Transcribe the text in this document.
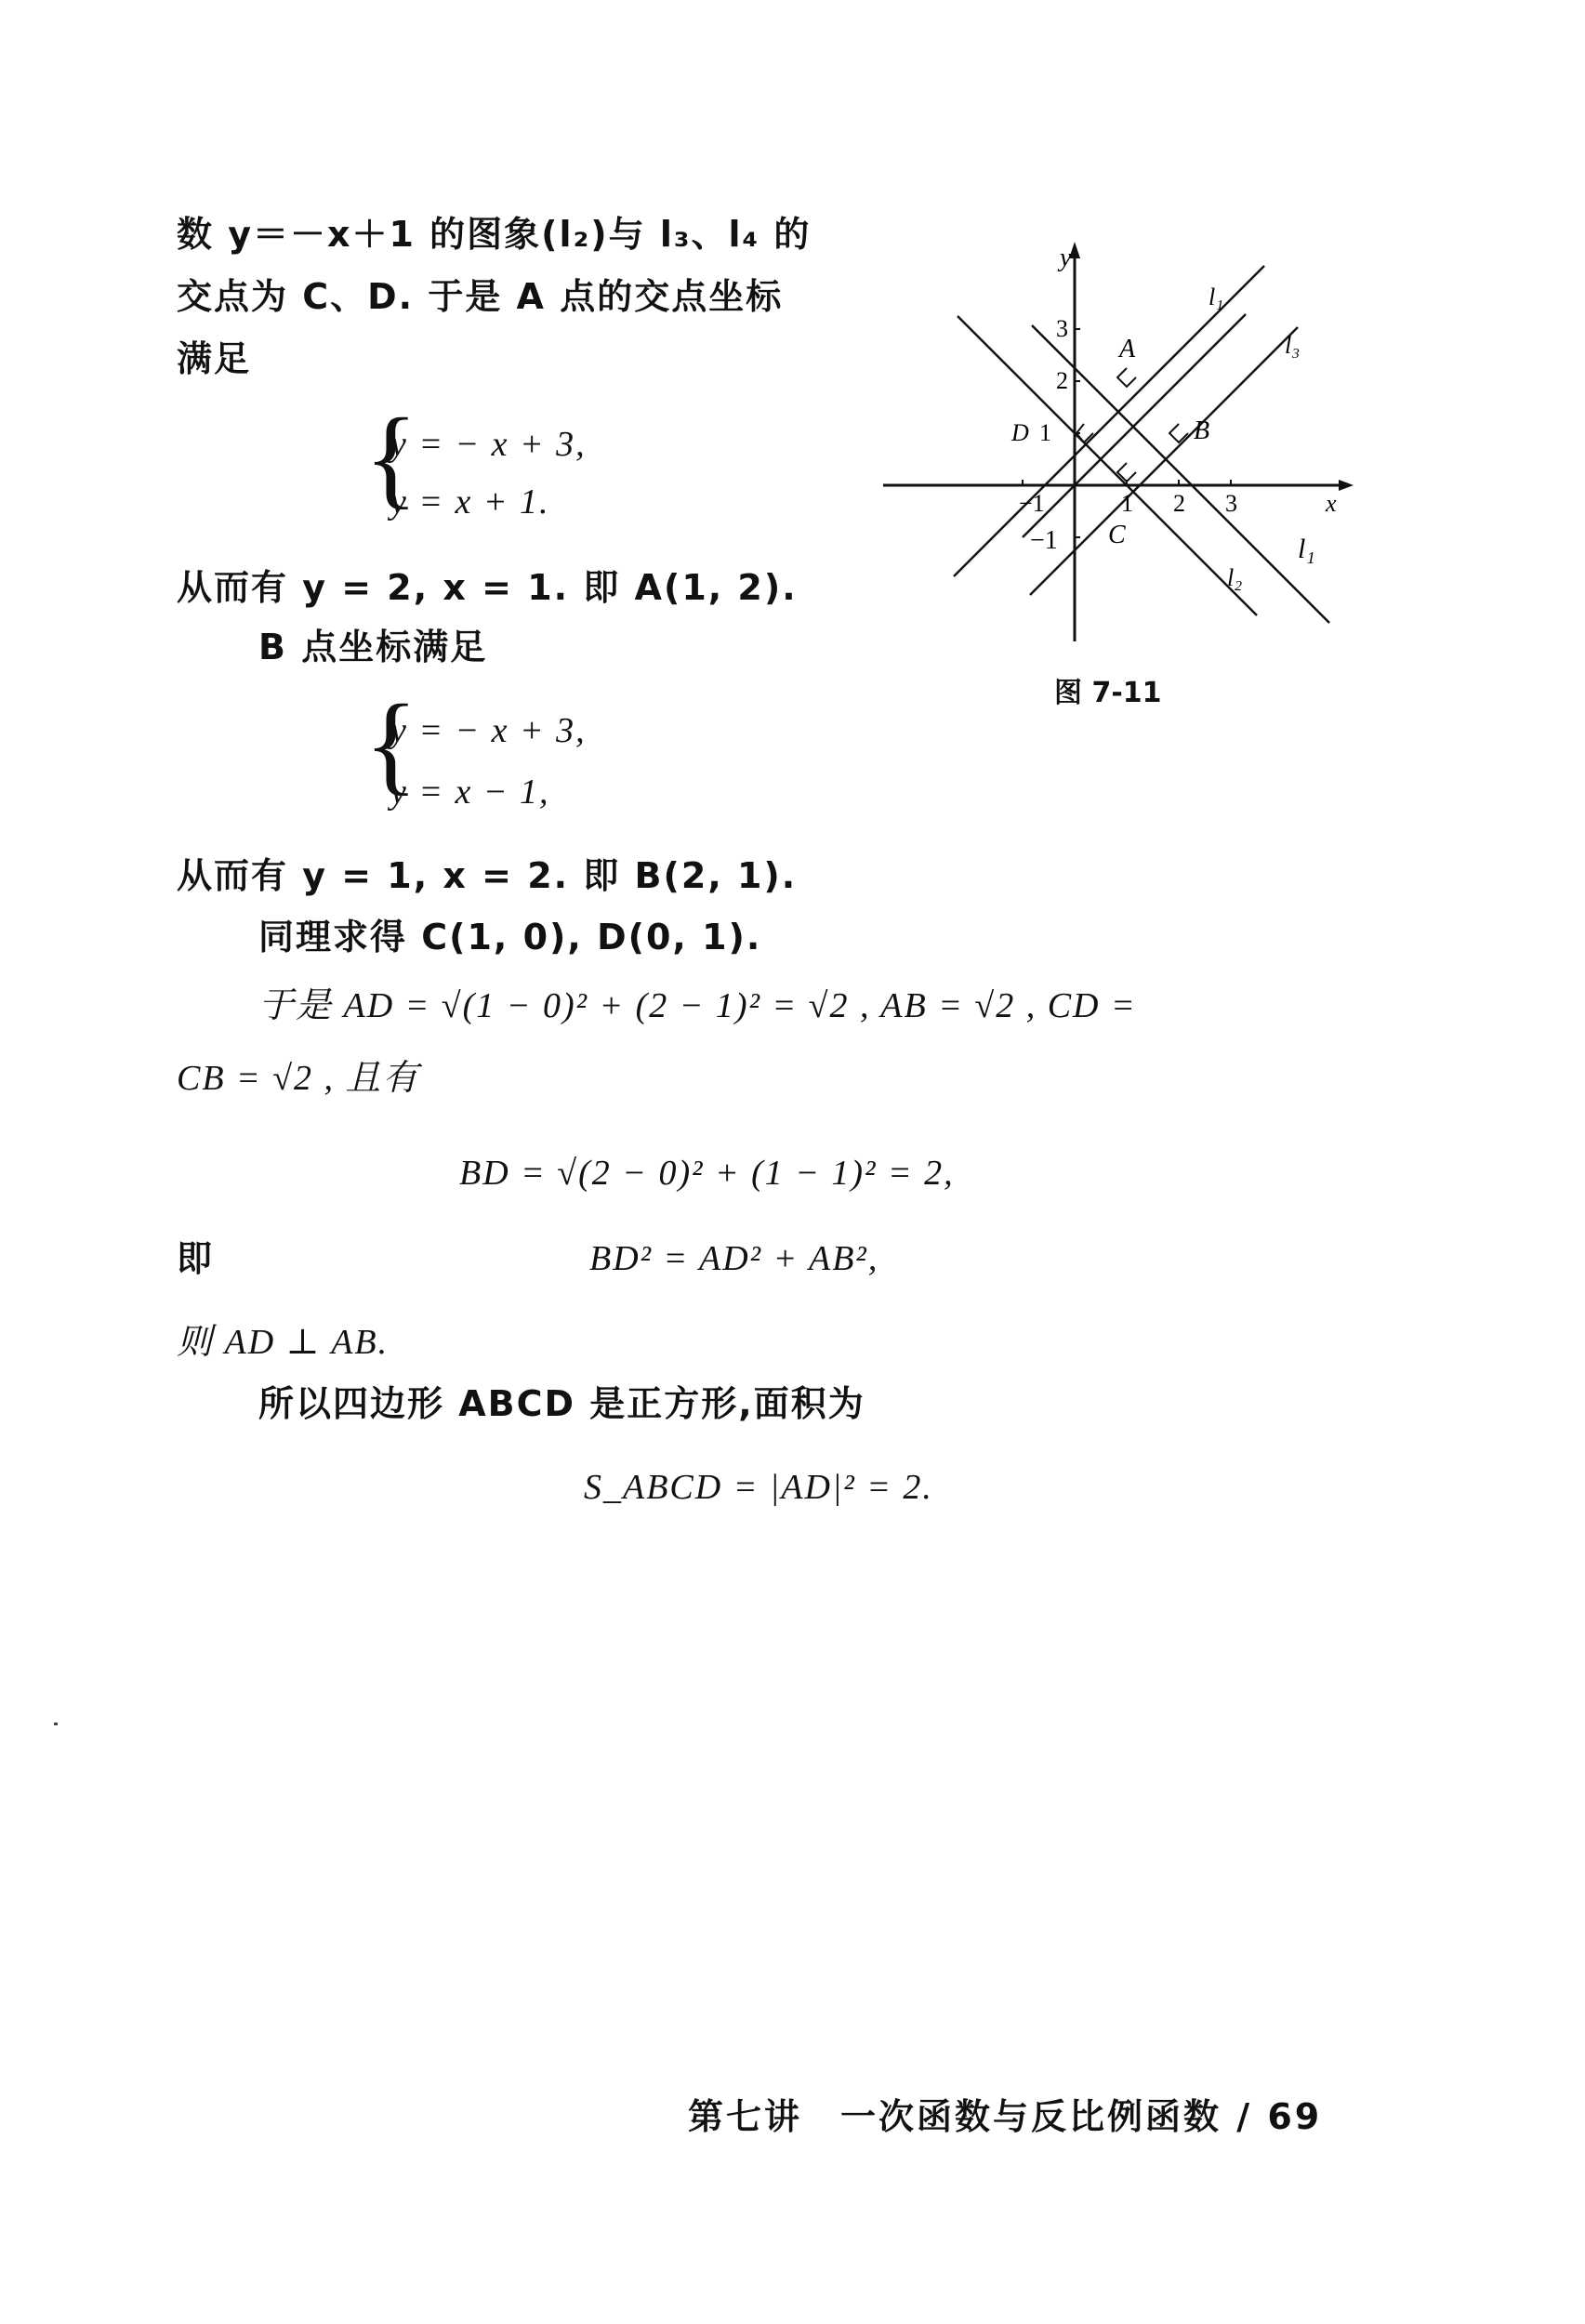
数 y＝－x＋1 的图象(l₂)与 l₃、l₄ 的
交点为 C、D. 于是 A 点的交点坐标
满足
{
y = − x + 3,
y = x + 1.
从而有 y = 2, x = 1. 即 A(1, 2).
B 点坐标满足
{
y = − x + 3,
y = x − 1,
从而有 y = 1, x = 2. 即 B(2, 1).
同理求得 C(1, 0), D(0, 1).
于是 AD = √(1 − 0)² + (2 − 1)² = √2 , AB = √2 , CD =
CB = √2 , 且有
BD = √(2 − 0)² + (1 − 1)² = 2,
即	BD² = AD² + AB²,
则 AD ⊥ AB.
所以四边形 ABCD 是正方形,面积为
S_ABCD = |AD|² = 2.
y
x
3
2
D 1
−1
−1	1 2 3
A
B
C
l₁
l₃
l₁
l₂
图 7-11
第七讲　一次函数与反比例函数 / 69
